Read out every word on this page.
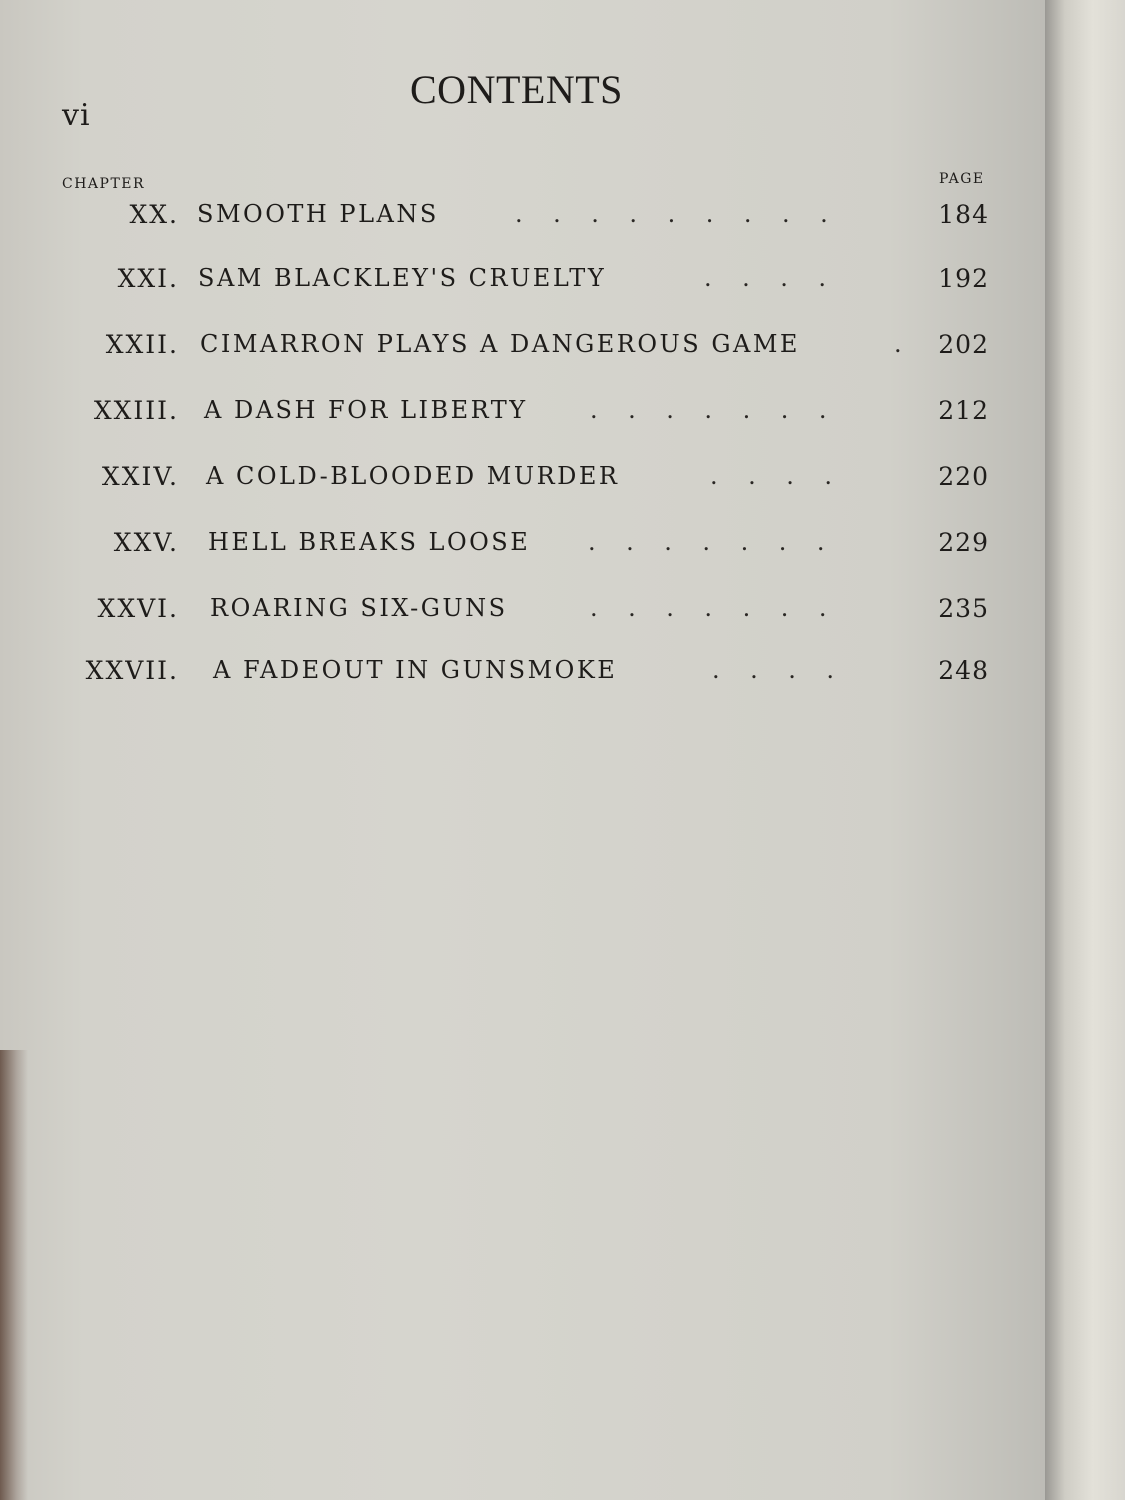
vi
CONTENTS
CHAPTER	PAGE
XX. SMOOTH PLANS	.    .    .    .    .    .    .    .    .	184
XXI. SAM BLACKLEY'S CRUELTY	.    .    .    .	192
XXII. CIMARRON PLAYS A DANGEROUS GAME	. 202
XXIII. A DASH FOR LIBERTY	.    .    .    .    .    .    .	212
XXIV. A COLD-BLOODED MURDER	.    .    .    .	220
XXV. HELL BREAKS LOOSE .    .    .    .    .    .    .	229
XXVI. ROARING SIX-GUNS	.    .    .    .    .    .    .	235
XXVII. A FADEOUT IN GUNSMOKE	.    .    .    .	248
